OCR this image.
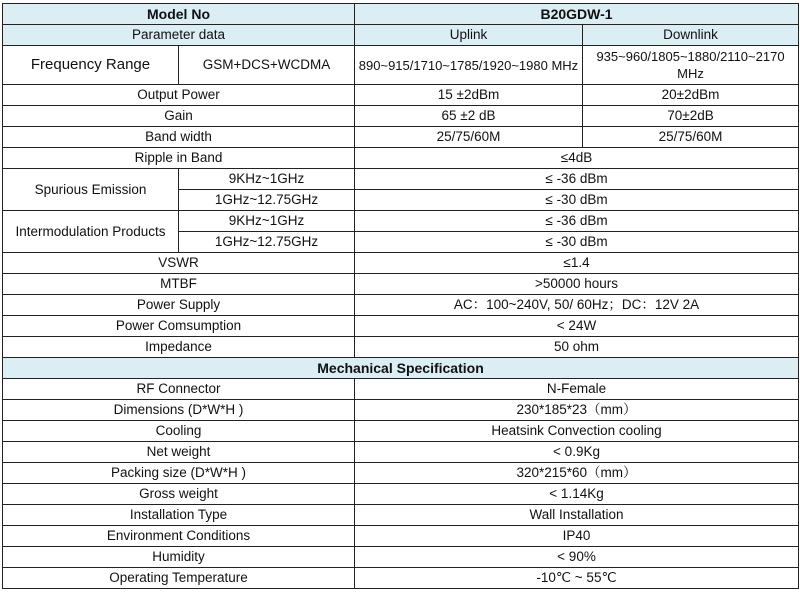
Model No		B20GDW-1	
Parameter data		Uplink	Downlink
Frequency Range	GSM+DCS+WCDMA	890~915/1710~1785/1920~1980 MHz	935~960/1805~1880/2110~2170 MHz
Output Power		15 ±2dBm	20±2dBm
Gain		65 ±2 dB	70±2dB
Band width		25/75/60M	25/75/60M
Ripple in Band		≤4dB	
Spurious Emission	9KHz~1GHz	≤ -36 dBm	
	1GHz~12.75GHz	≤ -30 dBm	
Intermodulation Products	9KHz~1GHz	≤ -36 dBm	
	1GHz~12.75GHz	≤ -30 dBm	
VSWR		≤1.4	
MTBF		>50000 hours	
Power Supply		AC：100~240V, 50/ 60Hz；DC：12V 2A	
Power Comsumption		< 24W	
Impedance		50 ohm	
Mechanical Specification			
RF Connector		N-Female	
Dimensions (D*W*H )		230*185*23（mm）	
Cooling		Heatsink Convection cooling	
Net weight		< 0.9Kg	
Packing size (D*W*H )		320*215*60（mm）	
Gross weight		< 1.14Kg	
Installation Type		Wall Installation	
Environment Conditions		IP40	
Humidity		< 90%	
Operating Temperature		-10℃ ~ 55℃	
